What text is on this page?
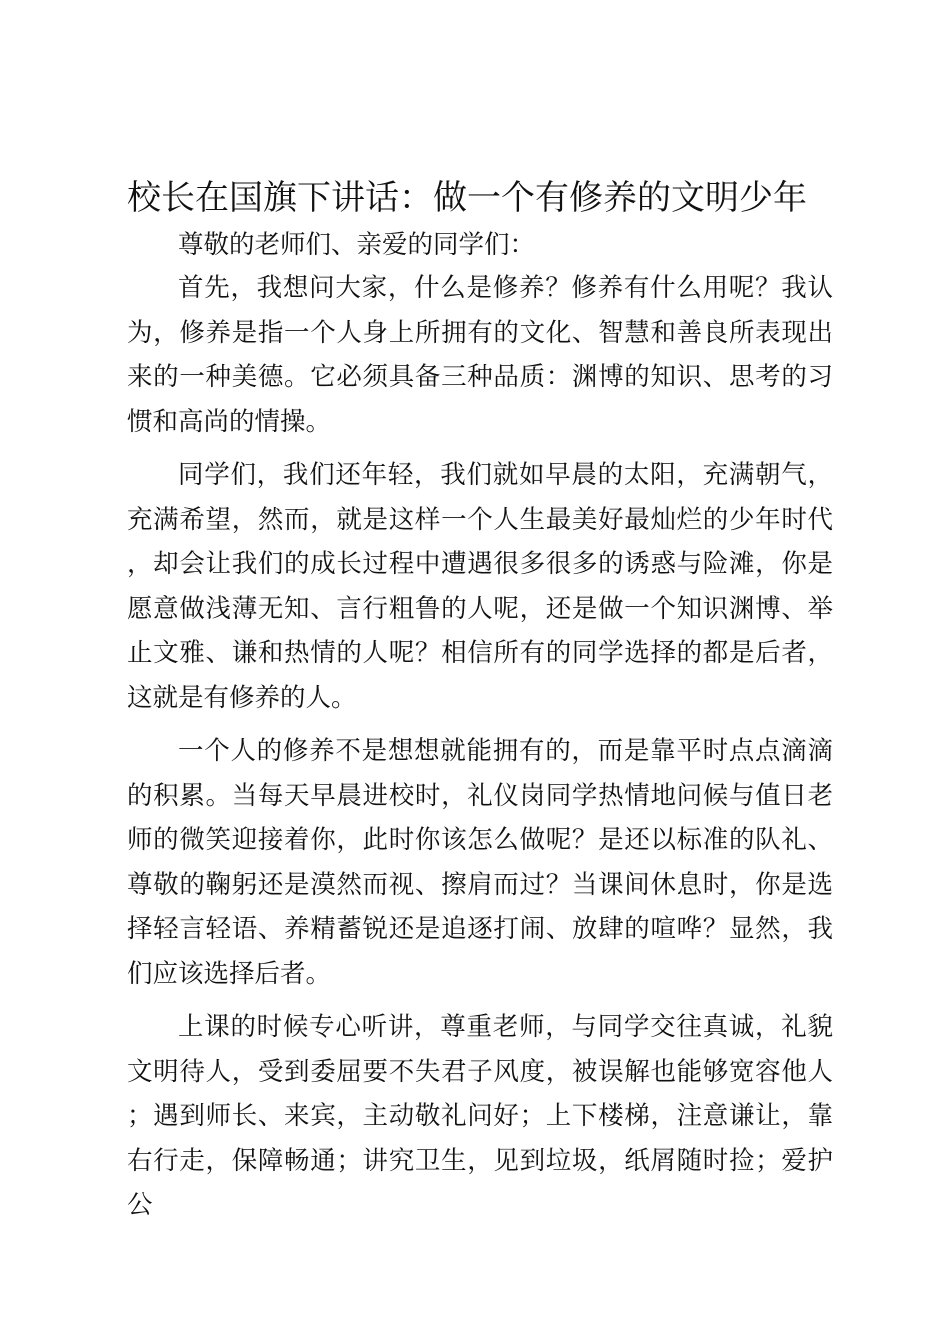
校长在国旗下讲话：做一个有修养的文明少年

尊敬的老师们、亲爱的同学们：

首先，我想问大家，什么是修养？修养有什么用呢？我认为，修养是指一个人身上所拥有的文化、智慧和善良所表现出来的一种美德。它必须具备三种品质：渊博的知识、思考的习惯和高尚的情操。

同学们，我们还年轻，我们就如早晨的太阳，充满朝气，充满希望，然而，就是这样一个人生最美好最灿烂的少年时代，却会让我们的成长过程中遭遇很多很多的诱惑与险滩，你是愿意做浅薄无知、言行粗鲁的人呢，还是做一个知识渊博、举止文雅、谦和热情的人呢？相信所有的同学选择的都是后者，这就是有修养的人。

一个人的修养不是想想就能拥有的，而是靠平时点点滴滴的积累。当每天早晨进校时，礼仪岗同学热情地问候与值日老师的微笑迎接着你，此时你该怎么做呢？是还以标准的队礼、尊敬的鞠躬还是漠然而视、擦肩而过？当课间休息时，你是选择轻言轻语、养精蓄锐还是追逐打闹、放肆的喧哗？显然，我们应该选择后者。

上课的时候专心听讲，尊重老师，与同学交往真诚，礼貌文明待人，受到委屈要不失君子风度，被误解也能够宽容他人；遇到师长、来宾，主动敬礼问好；上下楼梯，注意谦让，靠右行走，保障畅通；讲究卫生，见到垃圾，纸屑随时捡；爱护公
